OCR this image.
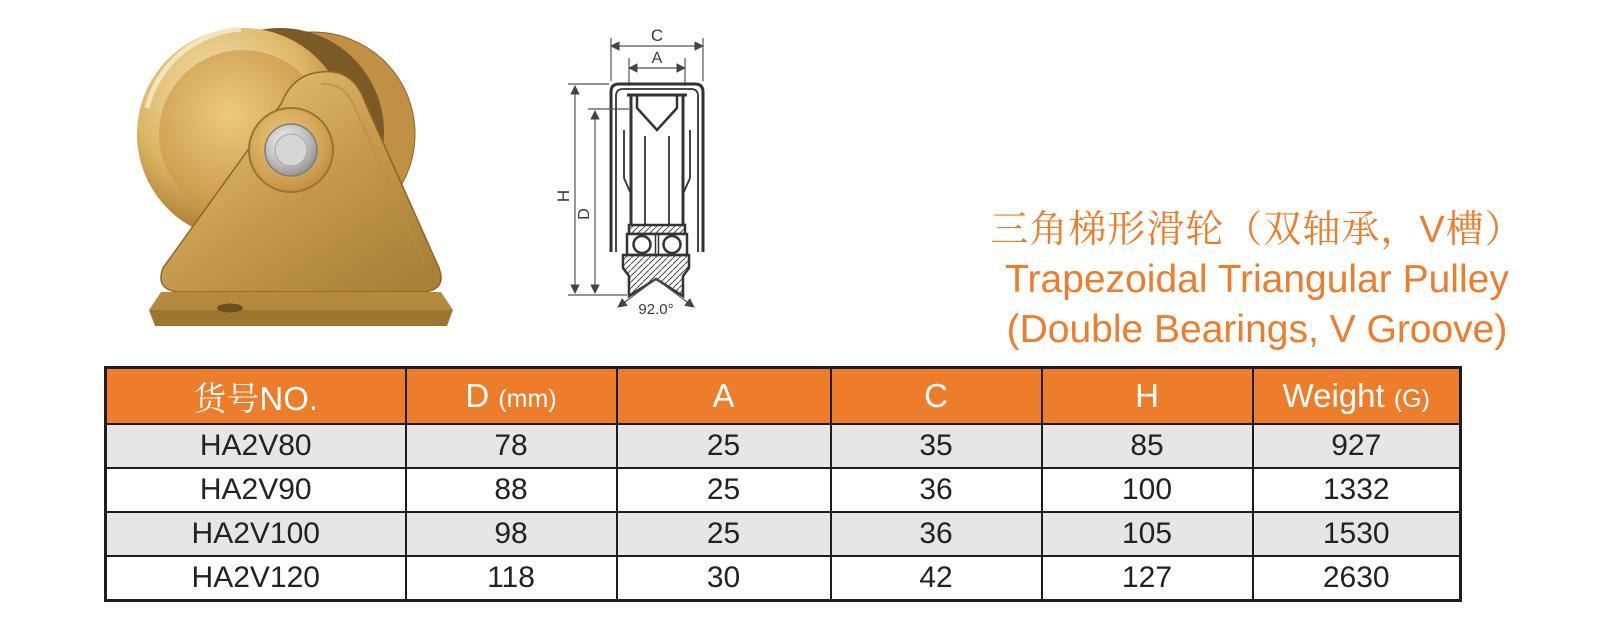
C
A
92.0°
H
D	三角梯形滑轮（双轴承，V槽）
Trapezoidal Triangular Pulley
(Double Bearings, V Groove)
货号NO.	D (mm)	A	C	H	Weight (G)
HA2V80	78	25	35	85	927
HA2V90	88	25	36	100	1332
HA2V100	98	25	36	105	1530
HA2V120	118	30	42	127	2630
